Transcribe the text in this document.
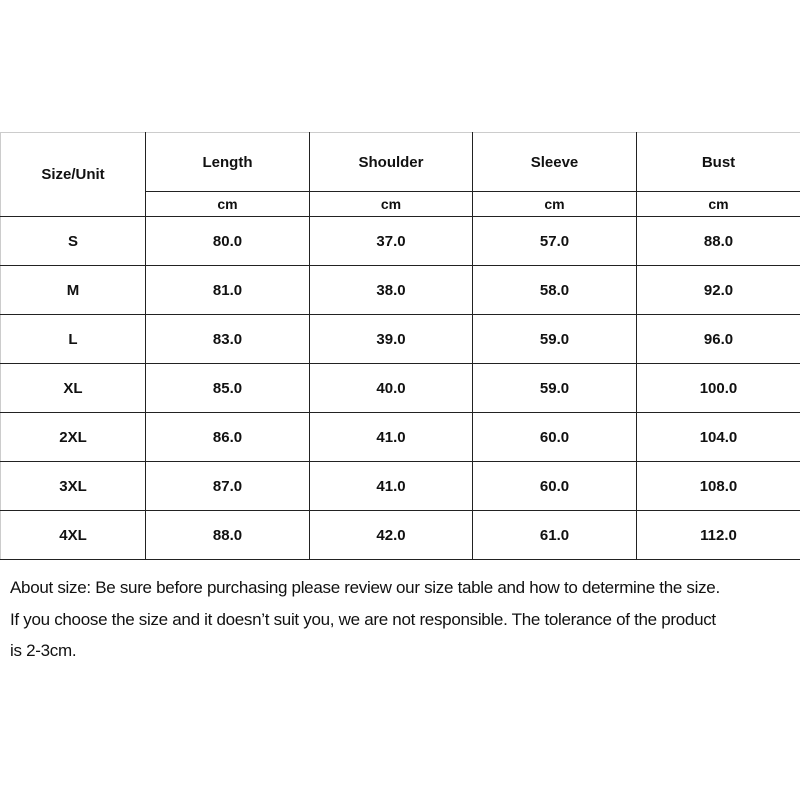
Size/Unit	Length	Shoulder	Sleeve	Bust
	cm	cm	cm	cm
S	80.0	37.0	57.0	88.0
M	81.0	38.0	58.0	92.0
L	83.0	39.0	59.0	96.0
XL	85.0	40.0	59.0	100.0
2XL	86.0	41.0	60.0	104.0
3XL	87.0	41.0	60.0	108.0
4XL	88.0	42.0	61.0	112.0
About size: Be sure before purchasing please review our size table and how to determine the size.
If you choose the size and it doesn’t suit you, we are not responsible. The tolerance of the product
is 2-3cm.
